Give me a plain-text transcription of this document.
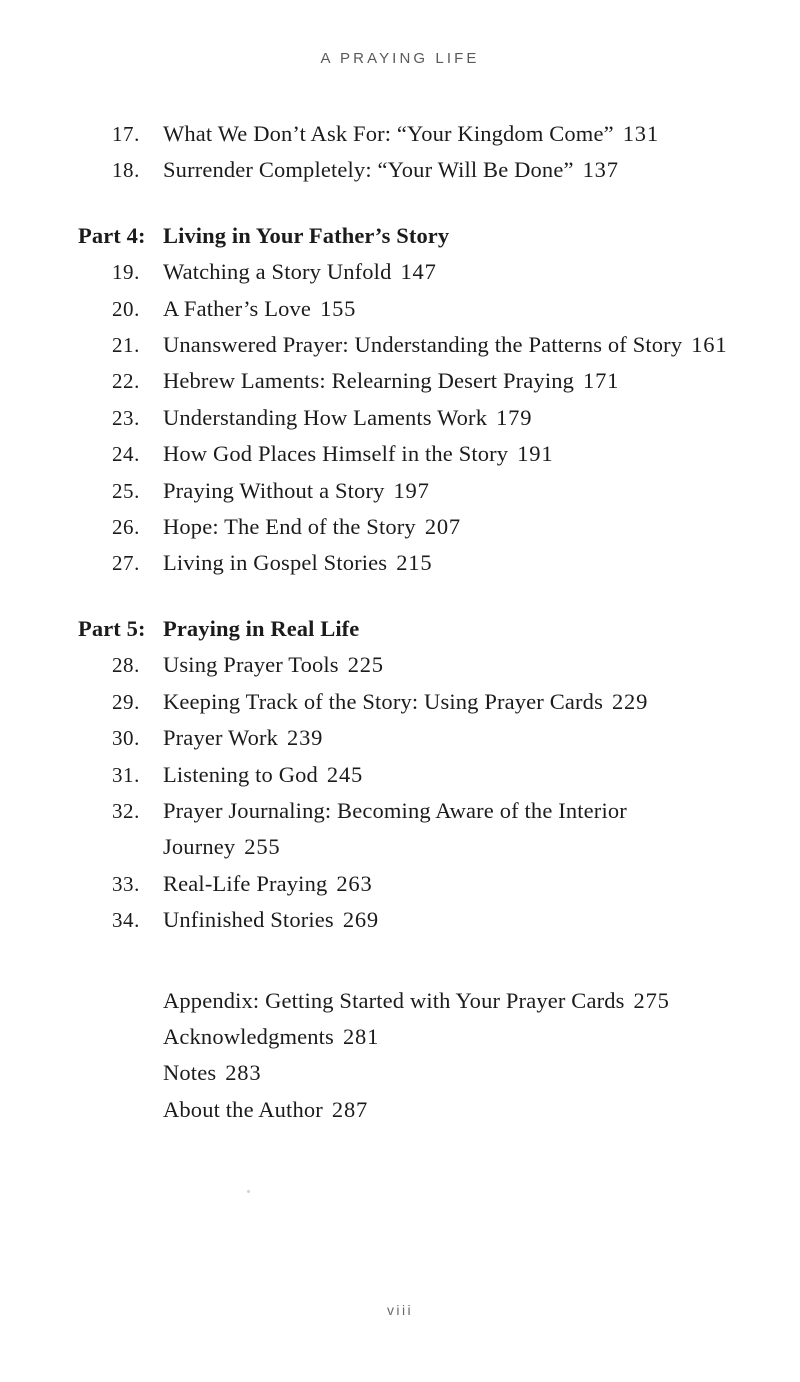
A PRAYING LIFE
17. What We Don’t Ask For: “Your Kingdom Come” 131
18. Surrender Completely: “Your Will Be Done” 137
Part 4: Living in Your Father’s Story
19. Watching a Story Unfold 147
20. A Father’s Love 155
21. Unanswered Prayer: Understanding the Patterns of Story 161
22. Hebrew Laments: Relearning Desert Praying 171
23. Understanding How Laments Work 179
24. How God Places Himself in the Story 191
25. Praying Without a Story 197
26. Hope: The End of the Story 207
27. Living in Gospel Stories 215
Part 5: Praying in Real Life
28. Using Prayer Tools 225
29. Keeping Track of the Story: Using Prayer Cards 229
30. Prayer Work 239
31. Listening to God 245
32. Prayer Journaling: Becoming Aware of the Interior Journey 255
33. Real-Life Praying 263
34. Unfinished Stories 269
Appendix: Getting Started with Your Prayer Cards 275
Acknowledgments 281
Notes 283
About the Author 287
viii
